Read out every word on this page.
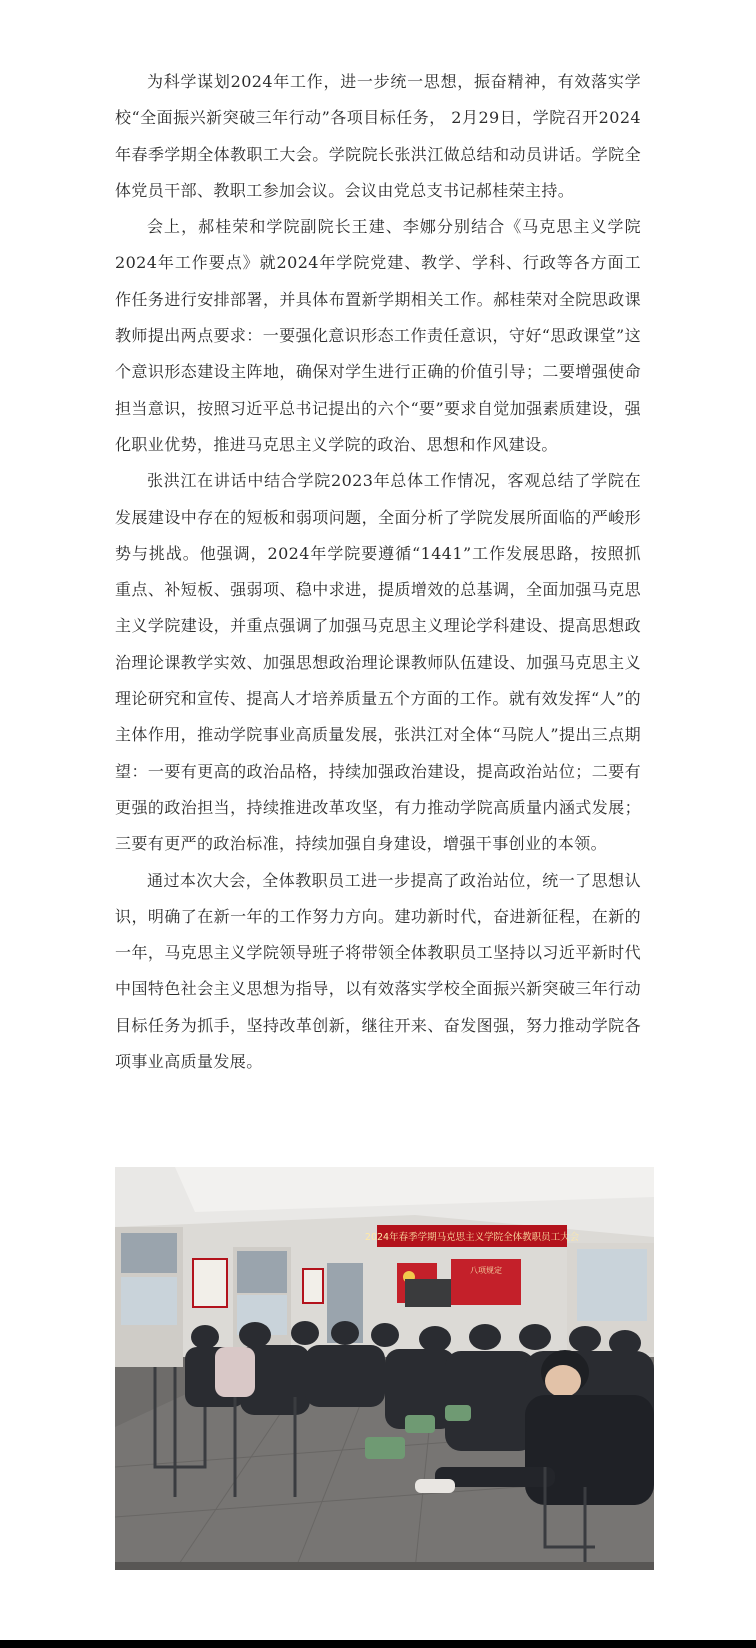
为科学谋划2024年工作，进一步统一思想，振奋精神，有效落实学校“全面振兴新突破三年行动”各项目标任务， 2月29日，学院召开2024年春季学期全体教职工大会。学院院长张洪江做总结和动员讲话。学院全体党员干部、教职工参加会议。会议由党总支书记郝桂荣主持。

会上，郝桂荣和学院副院长王建、李娜分别结合《马克思主义学院2024年工作要点》就2024年学院党建、教学、学科、行政等各方面工作任务进行安排部署，并具体布置新学期相关工作。郝桂荣对全院思政课教师提出两点要求：一要强化意识形态工作责任意识，守好“思政课堂”这个意识形态建设主阵地，确保对学生进行正确的价值引导；二要增强使命担当意识，按照习近平总书记提出的六个“要”要求自觉加强素质建设，强化职业优势，推进马克思主义学院的政治、思想和作风建设。

张洪江在讲话中结合学院2023年总体工作情况，客观总结了学院在发展建设中存在的短板和弱项问题，全面分析了学院发展所面临的严峻形势与挑战。他强调，2024年学院要遵循“1441”工作发展思路，按照抓重点、补短板、强弱项、稳中求进，提质增效的总基调，全面加强马克思主义学院建设，并重点强调了加强马克思主义理论学科建设、提高思想政治理论课教学实效、加强思想政治理论课教师队伍建设、加强马克思主义理论研究和宣传、提高人才培养质量五个方面的工作。就有效发挥“人”的主体作用，推动学院事业高质量发展，张洪江对全体“马院人”提出三点期望：一要有更高的政治品格，持续加强政治建设，提高政治站位；二要有更强的政治担当，持续推进改革攻坚，有力推动学院高质量内涵式发展；三要有更严的政治标准，持续加强自身建设，增强干事创业的本领。

通过本次大会，全体教职员工进一步提高了政治站位，统一了思想认识，明确了在新一年的工作努力方向。建功新时代，奋进新征程，在新的一年，马克思主义学院领导班子将带领全体教职员工坚持以习近平新时代中国特色社会主义思想为指导，以有效落实学校全面振兴新突破三年行动目标任务为抓手，坚持改革创新，继往开来、奋发图强，努力推动学院各项事业高质量发展。

2024年春季学期马克思主义学院全体教职员工大会
八项规定
